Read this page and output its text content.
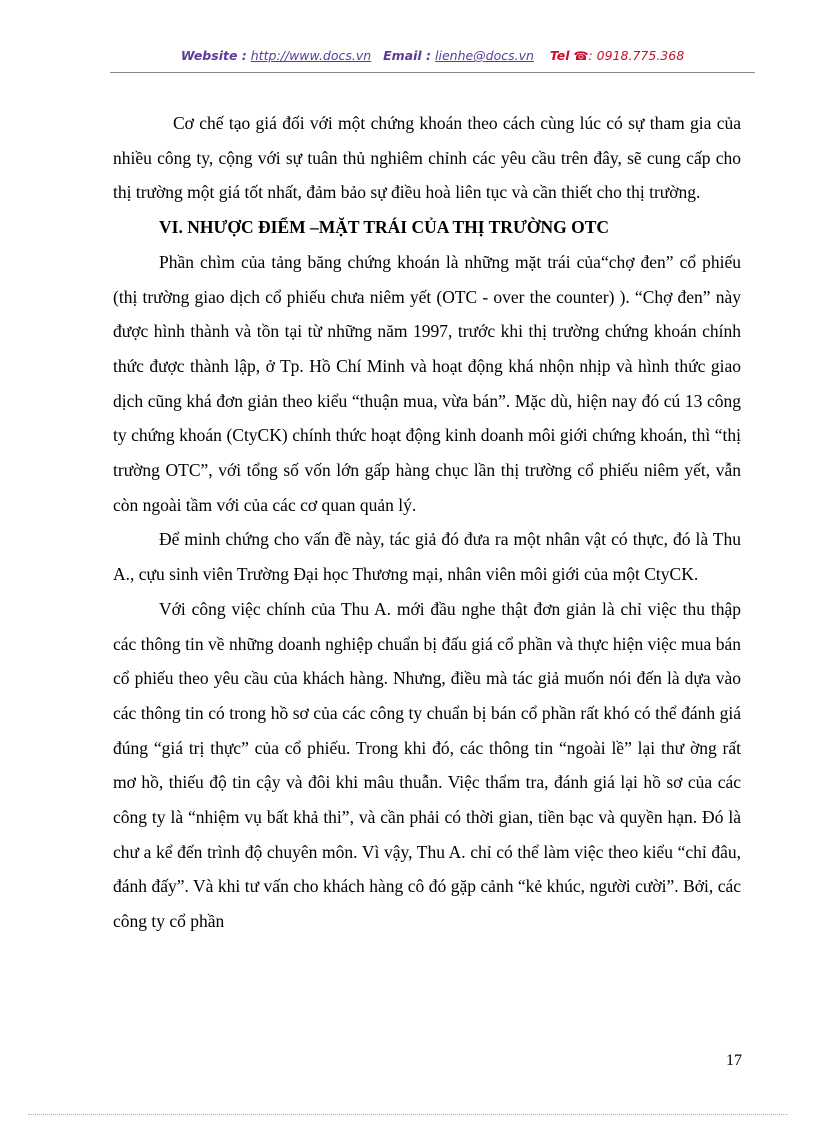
Website : http://www.docs.vn Email : lienhe@docs.vn Tel ☎: 0918.775.368

Cơ chế tạo giá đối với một chứng khoán theo cách cùng lúc có sự tham gia của nhiều công ty, cộng với sự tuân thủ nghiêm chỉnh các yêu cầu trên đây, sẽ cung cấp cho thị trường một giá tốt nhất, đảm bảo sự điều hoà liên tục và cần thiết cho thị trường.

VI. NHƯỢC ĐIỂM –MẶT TRÁI CỦA THỊ TRƯỜNG OTC

Phần chìm của tảng băng chứng khoán là những mặt trái của“chợ đen” cổ phiếu (thị trường giao dịch cổ phiếu chưa niêm yết (OTC - over the counter) ). “Chợ đen” này được hình thành và tồn tại từ những năm 1997, trước khi thị trường chứng khoán chính thức được thành lập, ở Tp. Hồ Chí Minh và hoạt động khá nhộn nhịp và hình thức giao dịch cũng khá đơn giản theo kiểu “thuận mua, vừa bán”. Mặc dù, hiện nay đó cú 13 công ty chứng khoán (CtyCK) chính thức hoạt động kinh doanh môi giới chứng khoán, thì “thị trường OTC”, với tổng số vốn lớn gấp hàng chục lần thị trường cổ phiếu niêm yết, vẫn còn ngoài tầm với của các cơ quan quản lý.

Để minh chứng cho vấn đề này, tác giả đó đưa ra một nhân vật có thực, đó là Thu A., cựu sinh viên Trường Đại học Thương mại, nhân viên môi giới của một CtyCK.

Với công việc chính của Thu A. mới đầu nghe thật đơn giản là chỉ việc thu thập các thông tin về những doanh nghiệp chuẩn bị đấu giá cổ phần và thực hiện việc mua bán cổ phiếu theo yêu cầu của khách hàng. Nhưng, điều mà tác giả muốn nói đến là dựa vào các thông tin có trong hồ sơ của các công ty chuẩn bị bán cổ phần rất khó có thể đánh giá đúng “giá trị thực” của cổ phiếu. Trong khi đó, các thông tin “ngoài lề” lại thư ờng rất mơ hồ, thiếu độ tin cậy và đôi khi mâu thuẫn. Việc thẩm tra, đánh giá lại hồ sơ của các công ty là “nhiệm vụ bất khả thi”, và cần phải có thời gian, tiền bạc và quyền hạn. Đó là chư a kể đến trình độ chuyên môn. Vì vậy, Thu A. chỉ có thể làm việc theo kiểu “chỉ đâu, đánh đấy”. Và khi tư vấn cho khách hàng cô đó gặp cảnh “kẻ khúc, người cười”. Bởi, các công ty cổ phần

17
